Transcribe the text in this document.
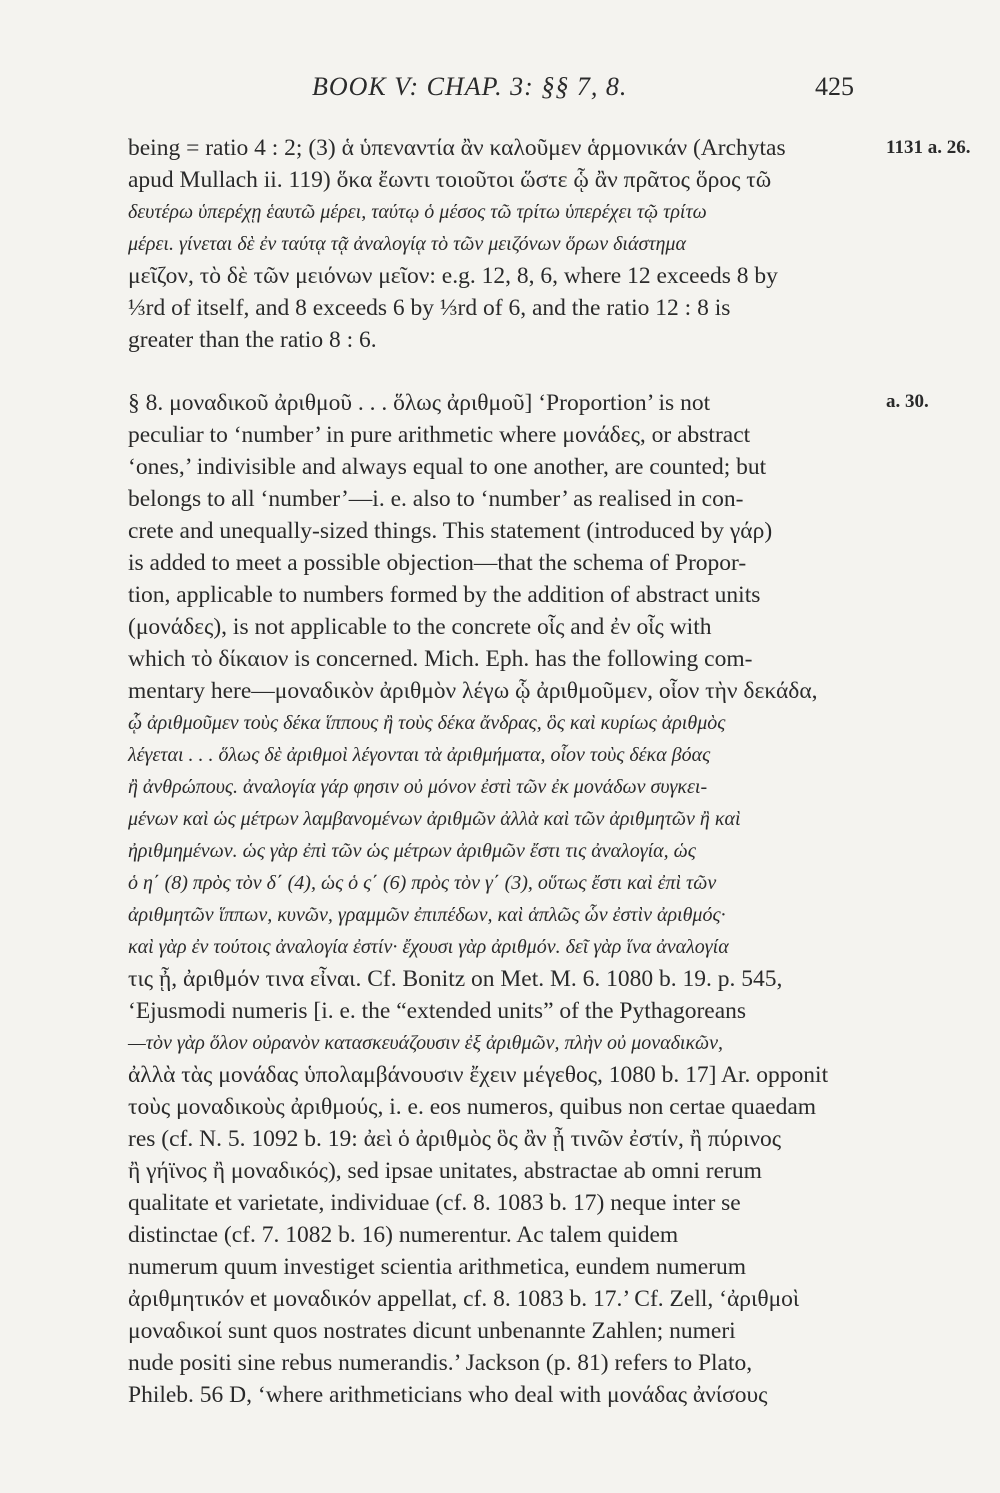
BOOK V: CHAP. 3: §§ 7, 8.	425
1131 a. 26.
a. 30.
being = ratio 4 : 2; (3) ἁ ὑπεναντία ἂν καλοῦμεν ἁρμονικάν (Archytas
apud Mullach ii. 119) ὅκα ἔωντι τοιοῦτοι ὥστε ᾧ ἂν πρᾶτος ὅρος τῶ
δευτέρω ὑπερέχῃ ἑαυτῶ μέρει, ταύτῳ ὁ μέσος τῶ τρίτω ὑπερέχει τῷ τρίτω
μέρει. γίνεται δὲ ἐν ταύτᾳ τᾷ ἀναλογίᾳ τὸ τῶν μειζόνων ὅρων διάστημα
μεῖζον, τὸ δὲ τῶν μειόνων μεῖον: e.g. 12, 8, 6, where 12 exceeds 8 by
⅓rd of itself, and 8 exceeds 6 by ⅓rd of 6, and the ratio 12 : 8 is
greater than the ratio 8 : 6.
§ 8. μοναδικοῦ ἀριθμοῦ . . . ὅλως ἀριθμοῦ] ‘Proportion’ is not
peculiar to ‘number’ in pure arithmetic where μονάδες, or abstract
‘ones,’ indivisible and always equal to one another, are counted; but
belongs to all ‘number’—i. e. also to ‘number’ as realised in con-
crete and unequally-sized things. This statement (introduced by γάρ)
is added to meet a possible objection—that the schema of Propor-
tion, applicable to numbers formed by the addition of abstract units
(μονάδες), is not applicable to the concrete οἷς and ἐν οἷς with
which τὸ δίκαιον is concerned. Mich. Eph. has the following com-
mentary here—μοναδικὸν ἀριθμὸν λέγω ᾧ ἀριθμοῦμεν, οἷον τὴν δεκάδα,
ᾧ ἀριθμοῦμεν τοὺς δέκα ἵππους ἢ τοὺς δέκα ἄνδρας, ὃς καὶ κυρίως ἀριθμὸς
λέγεται . . . ὅλως δὲ ἀριθμοὶ λέγονται τὰ ἀριθμήματα, οἷον τοὺς δέκα βόας
ἢ ἀνθρώπους. ἀναλογία γάρ φησιν οὐ μόνον ἐστὶ τῶν ἐκ μονάδων συγκει-
μένων καὶ ὡς μέτρων λαμβανομένων ἀριθμῶν ἀλλὰ καὶ τῶν ἀριθμητῶν ἢ καὶ
ἠριθμημένων. ὡς γὰρ ἐπὶ τῶν ὡς μέτρων ἀριθμῶν ἔστι τις ἀναλογία, ὡς
ὁ η΄ (8) πρὸς τὸν δ΄ (4), ὡς ὁ ς΄ (6) πρὸς τὸν γ΄ (3), οὕτως ἔστι καὶ ἐπὶ τῶν
ἀριθμητῶν ἵππων, κυνῶν, γραμμῶν ἐπιπέδων, καὶ ἁπλῶς ὧν ἐστὶν ἀριθμός·
καὶ γὰρ ἐν τούτοις ἀναλογία ἐστίν· ἔχουσι γὰρ ἀριθμόν. δεῖ γὰρ ἵνα ἀναλογία
τις ᾖ, ἀριθμόν τινα εἶναι. Cf. Bonitz on Met. M. 6. 1080 b. 19. p. 545,
‘Ejusmodi numeris [i. e. the “extended units” of the Pythagoreans
—τὸν γὰρ ὅλον οὐρανὸν κατασκευάζουσιν ἐξ ἀριθμῶν, πλὴν οὐ μοναδικῶν,
ἀλλὰ τὰς μονάδας ὑπολαμβάνουσιν ἔχειν μέγεθος, 1080 b. 17] Ar. opponit
τοὺς μοναδικοὺς ἀριθμούς, i. e. eos numeros, quibus non certae quaedam
res (cf. N. 5. 1092 b. 19: ἀεὶ ὁ ἀριθμὸς ὃς ἂν ᾖ τινῶν ἐστίν, ἢ πύρινος
ἢ γήϊνος ἢ μοναδικός), sed ipsae unitates, abstractae ab omni rerum
qualitate et varietate, individuae (cf. 8. 1083 b. 17) neque inter se
distinctae (cf. 7. 1082 b. 16) numerentur. Ac talem quidem
numerum quum investiget scientia arithmetica, eundem numerum
ἀριθμητικόν et μοναδικόν appellat, cf. 8. 1083 b. 17.’ Cf. Zell, ‘ἀριθμοὶ
μοναδικοί sunt quos nostrates dicunt unbenannte Zahlen; numeri
nude positi sine rebus numerandis.’ Jackson (p. 81) refers to Plato,
Phileb. 56 D, ‘where arithmeticians who deal with μονάδας ἀνίσους
